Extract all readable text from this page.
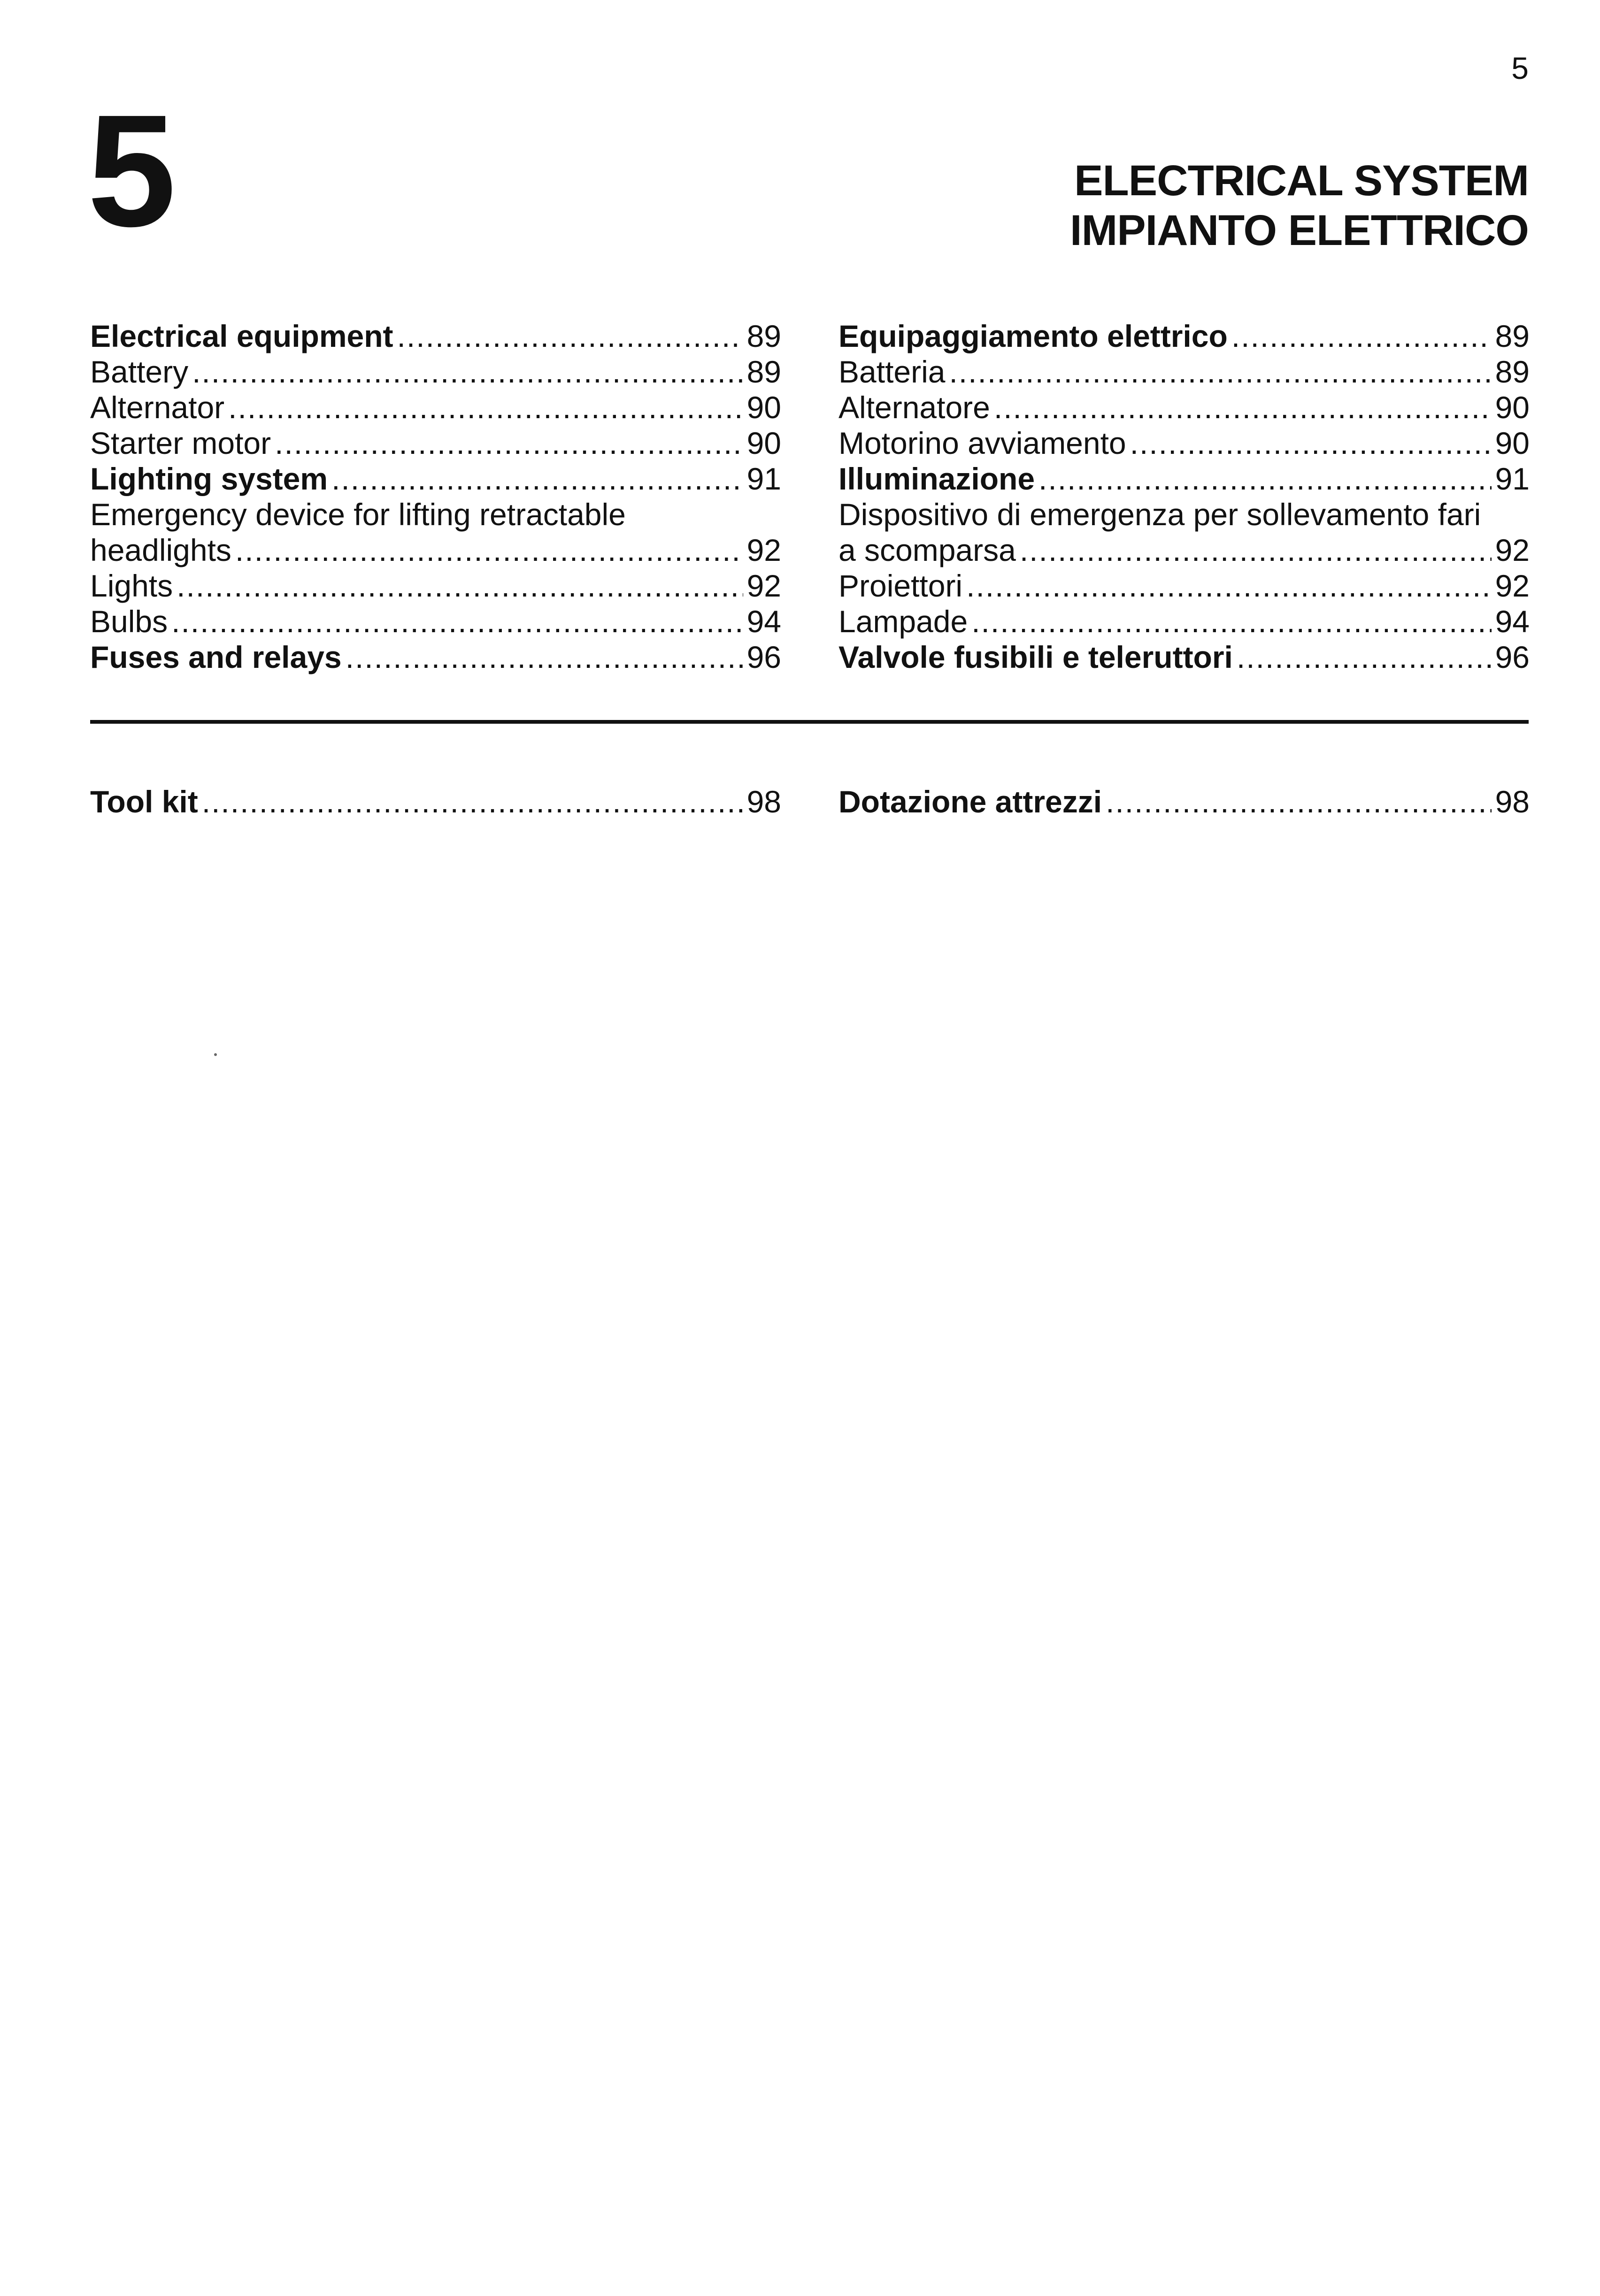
5
5	ELECTRICAL SYSTEM
IMPIANTO ELETTRICO
Electrical equipment .....	89
Battery .....	89
Alternator .....	90
Starter motor .....	90
Lighting system .....	91
Emergency device for lifting retractable
headlights .....	92
Lights .....	92
Bulbs .....	94
Fuses and relays .....	96
Equipaggiamento elettrico .....	89
Batteria .....	89
Alternatore .....	90
Motorino avviamento .....	90
Illuminazione .....	91
Dispositivo di emergenza per sollevamento fari
a scomparsa .....	92
Proiettori .....	92
Lampade .....	94
Valvole fusibili e teleruttori .....	96
Tool kit .....	98 Dotazione attrezzi .....	98
